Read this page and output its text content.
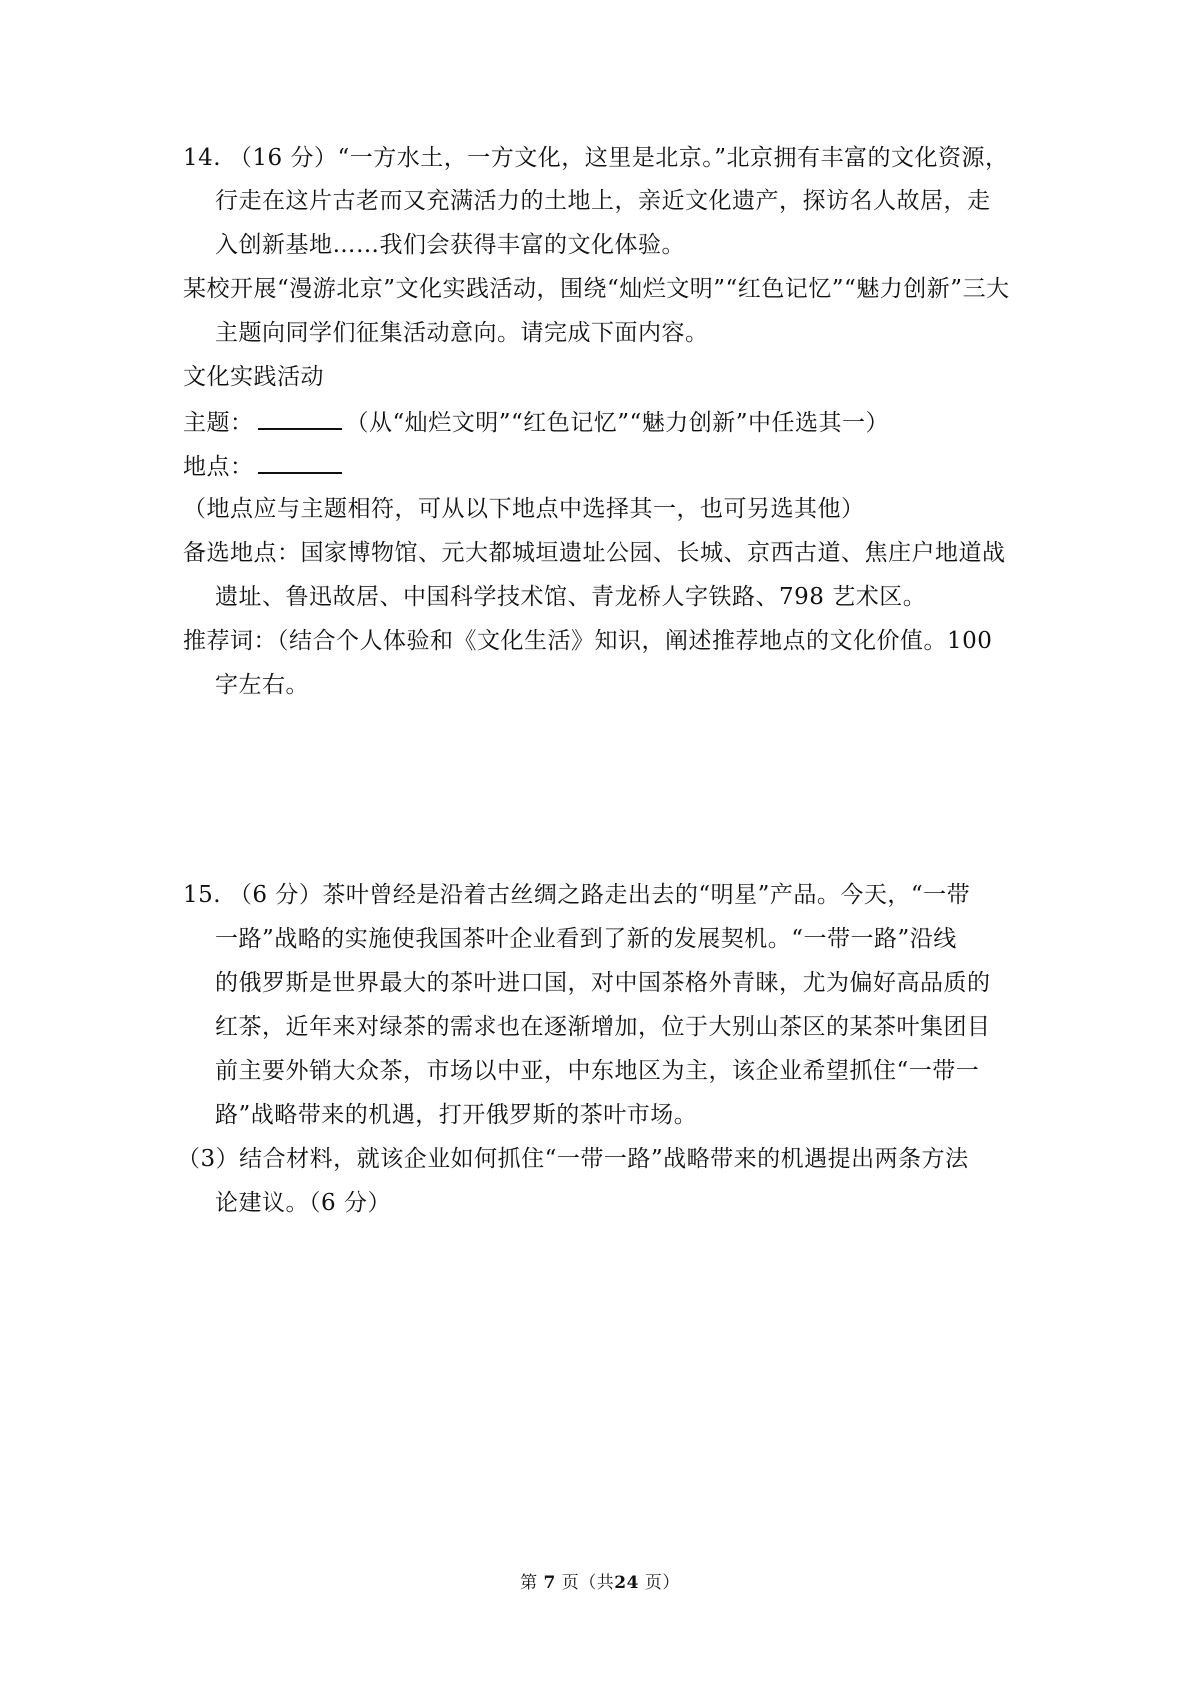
14. （16 分）“一方水土，一方文化，这里是北京。”北京拥有丰富的文化资源，
行走在这片古老而又充满活力的土地上，亲近文化遗产，探访名人故居，走
入创新基地……我们会获得丰富的文化体验。
某校开展“漫游北京”文化实践活动，围绕“灿烂文明”“红色记忆”“魅力创新”三大
主题向同学们征集活动意向。请完成下面内容。
文化实践活动
主题：	（从“灿烂文明”“红色记忆”“魅力创新”中任选其一）
地点：
（地点应与主题相符，可从以下地点中选择其一，也可另选其他）
备选地点：国家博物馆、元大都城垣遗址公园、长城、京西古道、焦庄户地道战
遗址、鲁迅故居、中国科学技术馆、青龙桥人字铁路、798 艺术区。
推荐词：（结合个人体验和《文化生活》知识，阐述推荐地点的文化价值。100
字左右。
15. （6 分）茶叶曾经是沿着古丝绸之路走出去的“明星”产品。今天，“一带
一路”战略的实施使我国茶叶企业看到了新的发展契机。“一带一路”沿线
的俄罗斯是世界最大的茶叶进口国，对中国茶格外青睐，尤为偏好高品质的
红茶，近年来对绿茶的需求也在逐渐增加，位于大别山茶区的某茶叶集团目
前主要外销大众茶，市场以中亚，中东地区为主，该企业希望抓住“一带一
路”战略带来的机遇，打开俄罗斯的茶叶市场。
（3）结合材料，就该企业如何抓住“一带一路”战略带来的机遇提出两条方法
论建议。（6 分）
第 7 页（共24 页）
